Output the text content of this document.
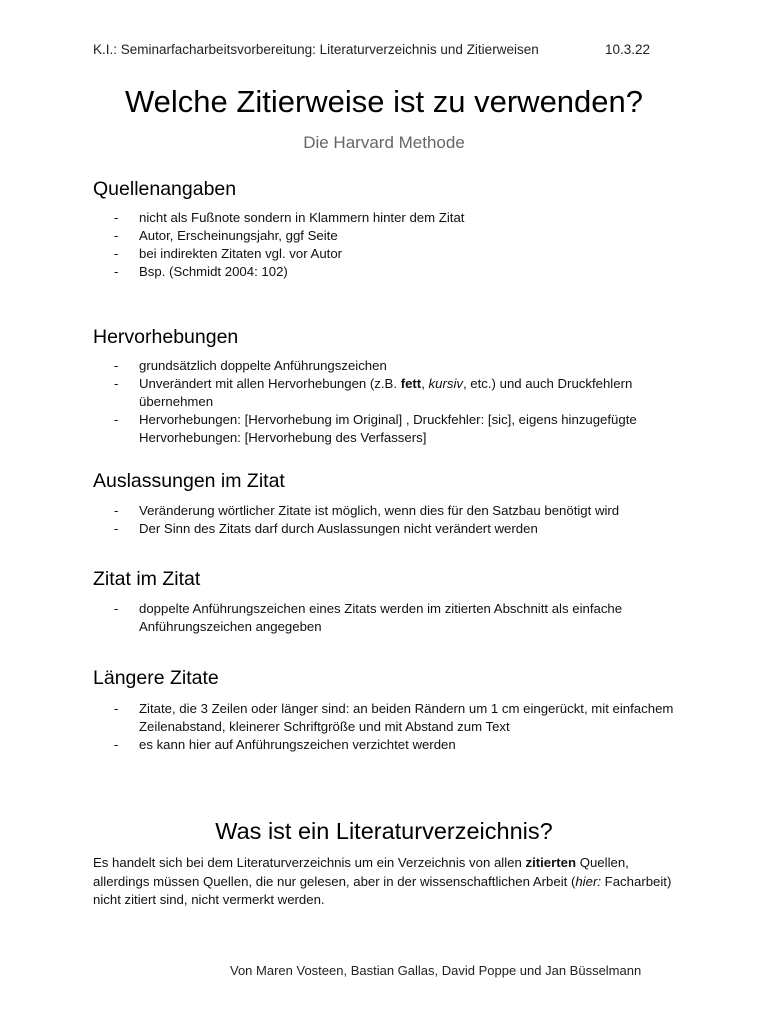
K.I.: Seminarfacharbeitsvorbereitung: Literaturverzeichnis und Zitierweisen	10.3.22
Welche Zitierweise ist zu verwenden?
Die Harvard Methode
Quellenangaben
- nicht als Fußnote sondern in Klammern hinter dem Zitat
- Autor, Erscheinungsjahr, ggf Seite
- bei indirekten Zitaten vgl. vor Autor
- Bsp. (Schmidt 2004: 102)
Hervorhebungen
- grundsätzlich doppelte Anführungszeichen
- Unverändert mit allen Hervorhebungen (z.B. fett, kursiv, etc.) und auch Druckfehlern übernehmen
- Hervorhebungen: [Hervorhebung im Original] , Druckfehler: [sic], eigens hinzugefügte Hervorhebungen: [Hervorhebung des Verfassers]
Auslassungen im Zitat
- Veränderung wörtlicher Zitate ist möglich, wenn dies für den Satzbau benötigt wird
- Der Sinn des Zitats darf durch Auslassungen nicht verändert werden
Zitat im Zitat
- doppelte Anführungszeichen eines Zitats werden im zitierten Abschnitt als einfache Anführungszeichen angegeben
Längere Zitate
- Zitate, die 3 Zeilen oder länger sind: an beiden Rändern um 1 cm eingerückt, mit einfachem Zeilenabstand, kleinerer Schriftgröße und mit Abstand zum Text
- es kann hier auf Anführungszeichen verzichtet werden
Was ist ein Literaturverzeichnis?
Es handelt sich bei dem Literaturverzeichnis um ein Verzeichnis von allen zitierten Quellen, allerdings müssen Quellen, die nur gelesen, aber in der wissenschaftlichen Arbeit (hier: Facharbeit) nicht zitiert sind, nicht vermerkt werden.
Von Maren Vosteen, Bastian Gallas, David Poppe und Jan Büsselmann
